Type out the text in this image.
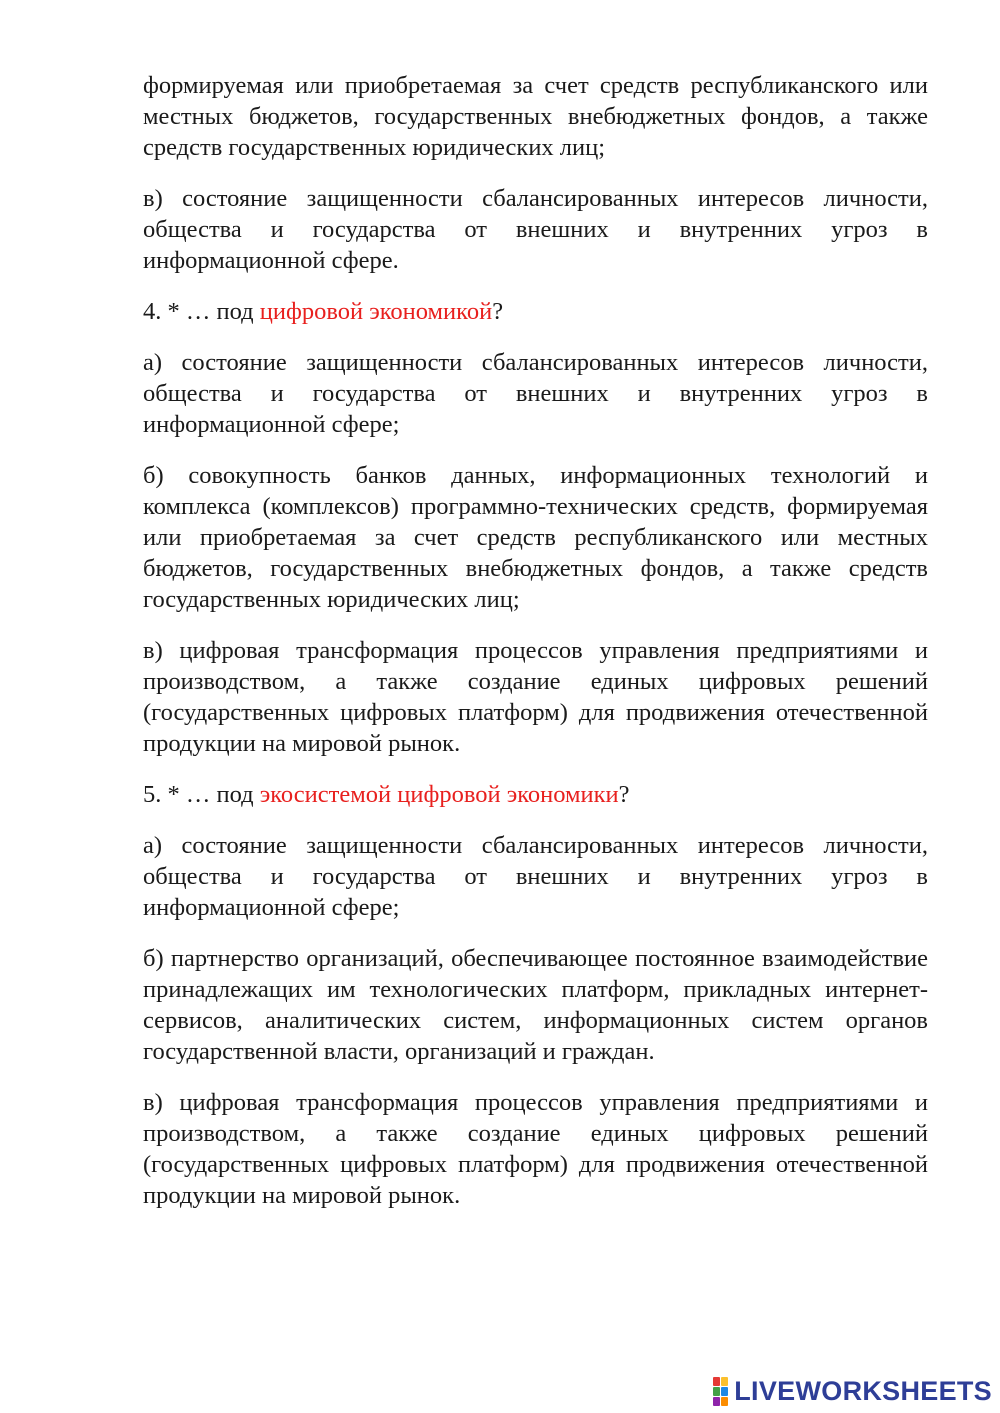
формируемая или приобретаемая за счет средств республиканского или местных бюджетов, государственных внебюджетных фондов, а также средств государственных юридических лиц;

в) состояние защищенности сбалансированных интересов личности, общества и государства от внешних и внутренних угроз в информационной сфере.

4. * … под цифровой экономикой?

а) состояние защищенности сбалансированных интересов личности, общества и государства от внешних и внутренних угроз в информационной сфере;

б) совокупность банков данных, информационных технологий и комплекса (комплексов) программно-технических средств, формируемая или приобретаемая за счет средств республиканского или местных бюджетов, государственных внебюджетных фондов, а также средств государственных юридических лиц;

в) цифровая трансформация процессов управления предприятиями и производством, а также создание единых цифровых решений (государственных цифровых платформ) для продвижения отечественной продукции на мировой рынок.

5. * … под экосистемой цифровой экономики?

а) состояние защищенности сбалансированных интересов личности, общества и государства от внешних и внутренних угроз в информационной сфере;

б) партнерство организаций, обеспечивающее постоянное взаимодействие принадлежащих им технологических платформ, прикладных интернет-сервисов, аналитических систем, информационных систем органов государственной власти, организаций и граждан.

в) цифровая трансформация процессов управления предприятиями и производством, а также создание единых цифровых решений (государственных цифровых платформ) для продвижения отечественной продукции на мировой рынок.

LIVEWORKSHEETS
